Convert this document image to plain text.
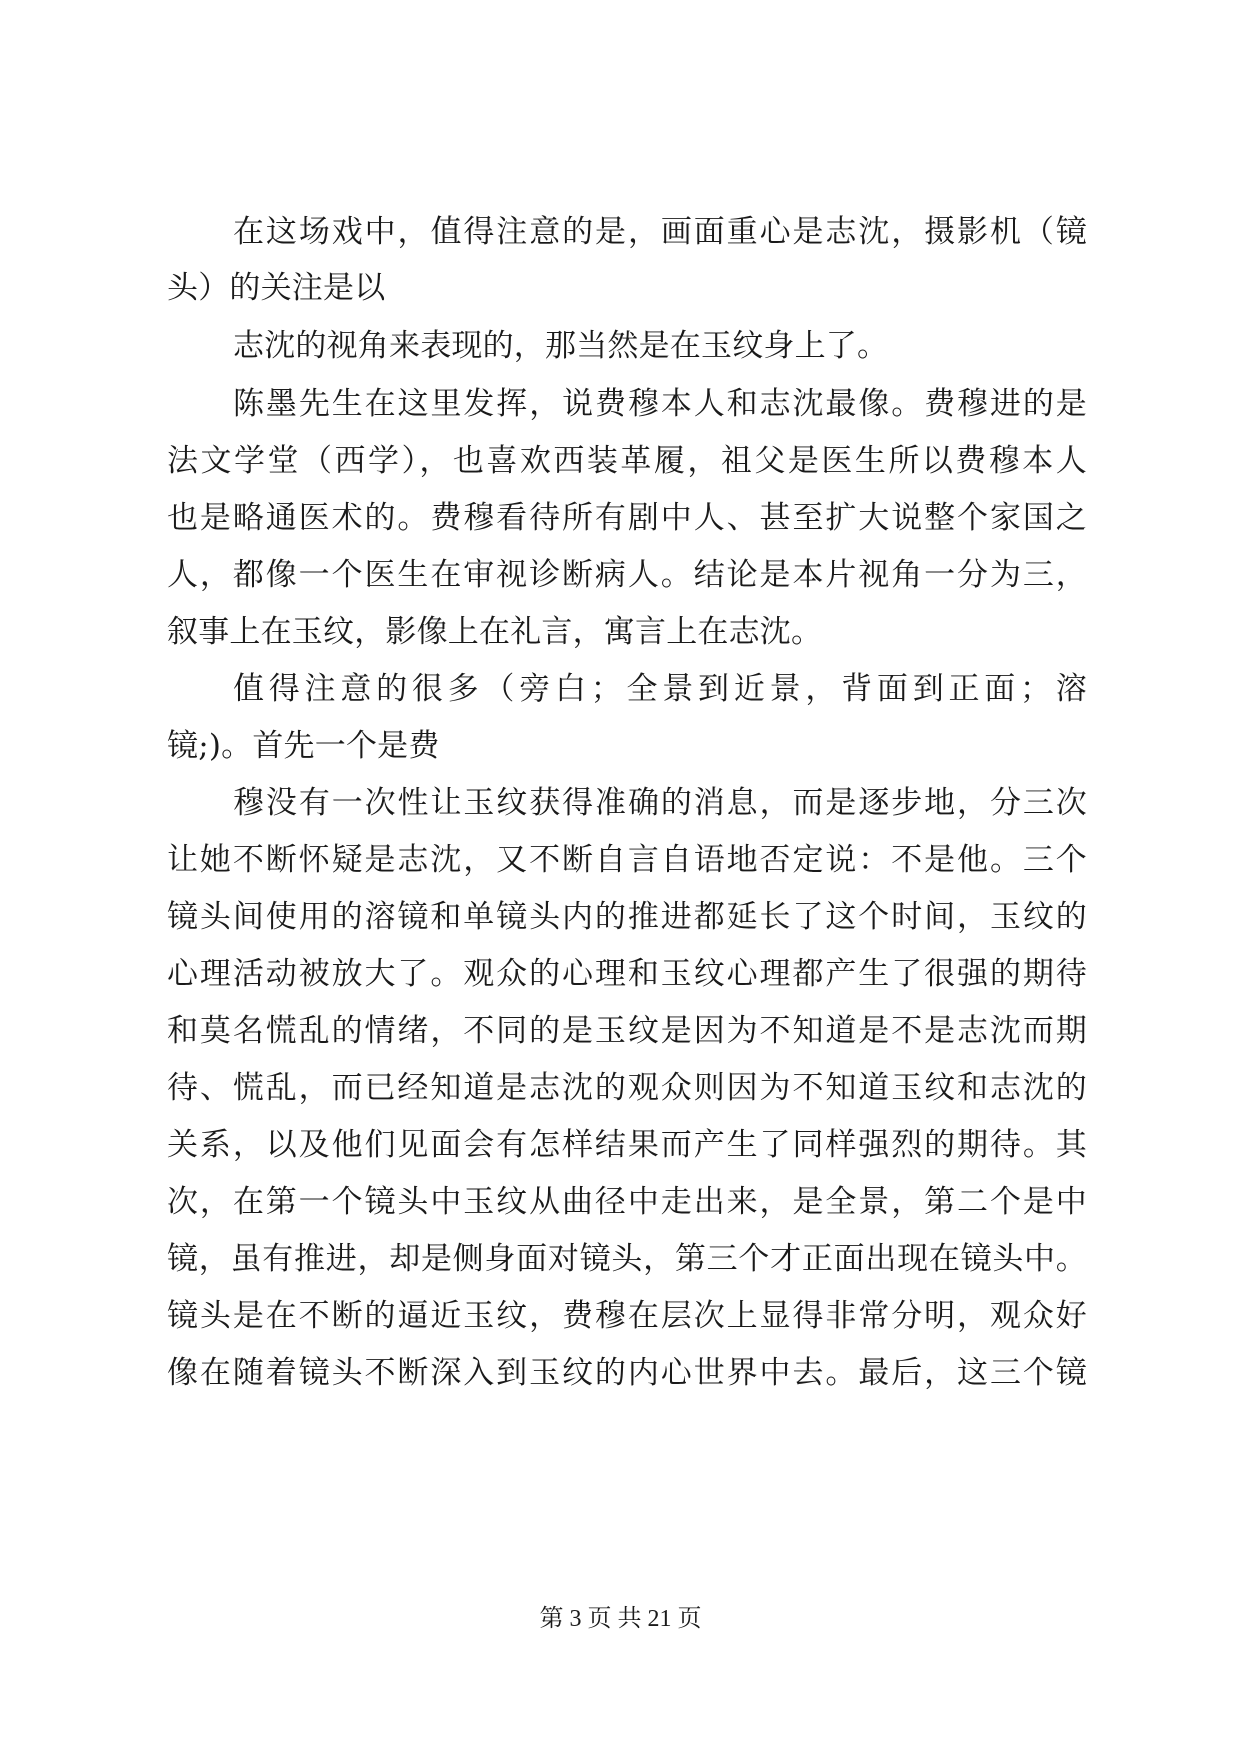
在这场戏中，值得注意的是，画面重心是志沈，摄影机（镜
头）的关注是以
志沈的视角来表现的，那当然是在玉纹身上了。
陈墨先生在这里发挥，说费穆本人和志沈最像。费穆进的是
法文学堂（西学），也喜欢西装革履，祖父是医生所以费穆本人
也是略通医术的。费穆看待所有剧中人、甚至扩大说整个家国之
人，都像一个医生在审视诊断病人。结论是本片视角一分为三，
叙事上在玉纹，影像上在礼言，寓言上在志沈。
值得注意的很多（旁白；全景到近景，背面到正面；溶
镜;)。首先一个是费
穆没有一次性让玉纹获得准确的消息，而是逐步地，分三次
让她不断怀疑是志沈，又不断自言自语地否定说：不是他。三个
镜头间使用的溶镜和单镜头内的推进都延长了这个时间，玉纹的
心理活动被放大了。观众的心理和玉纹心理都产生了很强的期待
和莫名慌乱的情绪，不同的是玉纹是因为不知道是不是志沈而期
待、慌乱，而已经知道是志沈的观众则因为不知道玉纹和志沈的
关系，以及他们见面会有怎样结果而产生了同样强烈的期待。其
次，在第一个镜头中玉纹从曲径中走出来，是全景，第二个是中
镜，虽有推进，却是侧身面对镜头，第三个才正面出现在镜头中。
镜头是在不断的逼近玉纹，费穆在层次上显得非常分明，观众好
像在随着镜头不断深入到玉纹的内心世界中去。最后，这三个镜
第 3 页 共 21 页
